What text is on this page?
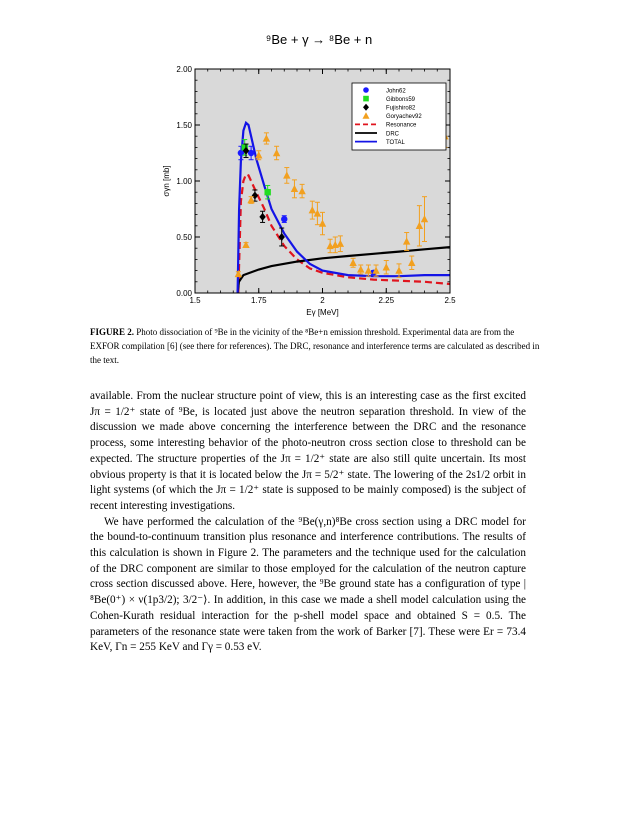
⁹Be + γ → ⁸Be + n
1.5	1.75	2	2.25	2.5
0.00
0.50
1.00
1.50
2.00
Eγ [MeV]
σγn [mb]
John62
Gibbons59
Fujishiro82
Goryachev92
Resonance
DRC
TOTAL
FIGURE 2. Photo dissociation of ⁹Be in the vicinity of the ⁸Be+n emission threshold. Experimental data are from the EXFOR compilation [6] (see there for references). The DRC, resonance and interference terms are calculated as described in the text.

available. From the nuclear structure point of view, this is an interesting case as the first excited Jπ = 1/2⁺ state of ⁹Be, is located just above the neutron separation threshold. In view of the discussion we made above concerning the interference between the DRC and the resonance process, some interesting behavior of the photo-neutron cross section close to threshold can be expected. The structure properties of the Jπ = 1/2⁺ state are also still quite uncertain. Its most obvious property is that it is located below the Jπ = 5/2⁺ state. The lowering of the 2s1/2 orbit in light systems (of which the Jπ = 1/2⁺ state is supposed to be mainly composed) is the subject of recent interesting investigations.

We have performed the calculation of the ⁹Be(γ,n)⁸Be cross section using a DRC model for the bound-to-continuum transition plus resonance and interference contributions. The results of this calculation is shown in Figure 2. The parameters and the technique used for the calculation of the DRC component are similar to those employed for the calculation of the neutron capture cross section discussed above. Here, however, the ⁹Be ground state has a configuration of type |⁸Be(0⁺) × ν(1p3/2); 3/2⁻⟩. In addition, in this case we made a shell model calculation using the Cohen-Kurath residual interaction for the p-shell model space and obtained S = 0.5. The parameters of the resonance state were taken from the work of Barker [7]. These were Er = 73.4 KeV, Γn = 255 KeV and Γγ = 0.53 eV.
